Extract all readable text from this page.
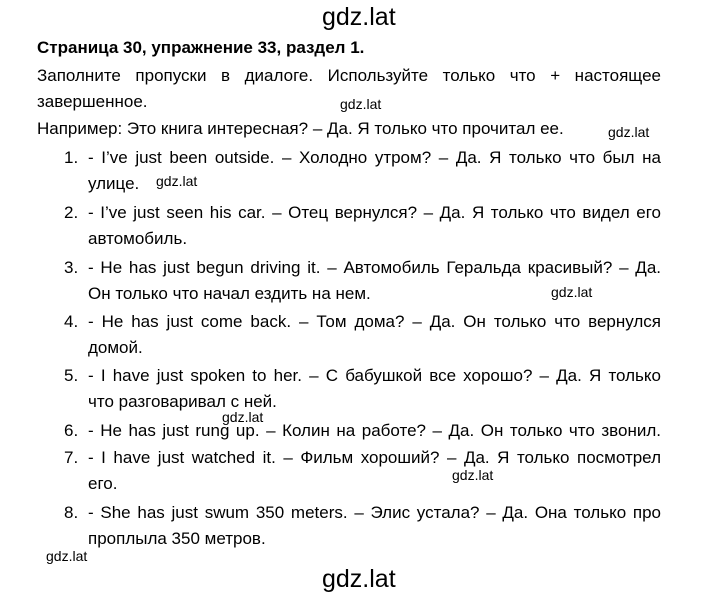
gdz.lat
gdz.lat
gdz.lat
gdz.lat
gdz.lat
gdz.lat
gdz.lat
gdz.lat
gdz.lat
Страница 30, упражнение 33, раздел 1.
Заполните пропуски в диалоге. Используйте только что + настоящее
завершенное.
Например: Это книга интересная? – Да. Я только что прочитал ее.
1. - I’ve just been outside. – Холодно утром? – Да. Я только что был на
улице.
2. - I’ve just seen his car. – Отец вернулся? – Да. Я только что видел его
автомобиль.
3. - He has just begun driving it. – Автомобиль Геральда красивый? – Да.
Он только что начал ездить на нем.
4. - He has just come back. – Том дома? – Да. Он только что вернулся
домой.
5. - I have just spoken to her. – С бабушкой все хорошо? – Да. Я только
что разговаривал с ней.
6. - He has just rung up. – Колин на работе? – Да. Он только что звонил.
7. - I have just watched it. – Фильм хороший? – Да. Я только посмотрел
его.
8. - She has just swum 350 meters. – Элис устала? – Да. Она только про
проплыла 350 метров.
